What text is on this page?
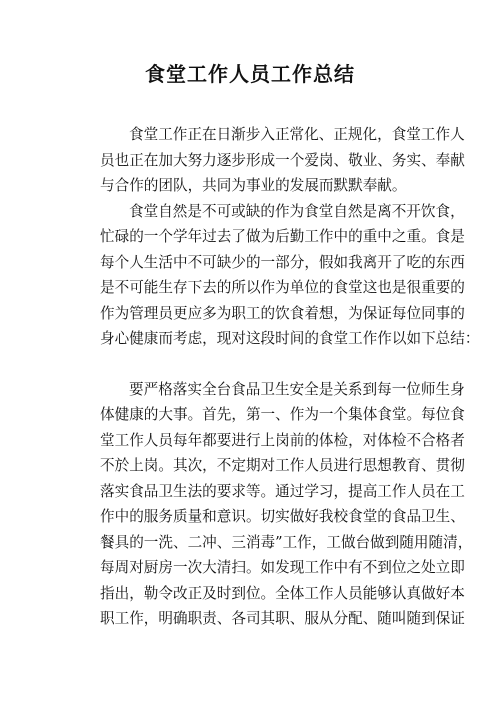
食堂工作人员工作总结
食堂工作正在日渐步入正常化、正规化，食堂工作人
员也正在加大努力逐步形成一个爱岗、敬业、务实、奉献
与合作的团队，共同为事业的发展而默默奉献。
食堂自然是不可或缺的作为食堂自然是离不开饮食，
忙碌的一个学年过去了做为后勤工作中的重中之重。食是
每个人生活中不可缺少的一部分，假如我离开了吃的东西
是不可能生存下去的所以作为单位的食堂这也是很重要的
作为管理员更应多为职工的饮食着想，为保证每位同事的
身心健康而考虑，现对这段时间的食堂工作作以如下总结：
要严格落实全台食品卫生安全是关系到每一位师生身
体健康的大事。首先，第一、作为一个集体食堂。每位食
堂工作人员每年都要进行上岗前的体检，对体检不合格者
不於上岗。其次，不定期对工作人员进行思想教育、贯彻
落实食品卫生法的要求等。通过学习，提高工作人员在工
作中的服务质量和意识。切实做好我校食堂的食品卫生、
餐具的一洗、二冲、三消毒”工作，工做台做到随用随清，
每周对厨房一次大清扫。如发现工作中有不到位之处立即
指出，勒令改正及时到位。全体工作人员能够认真做好本
职工作，明确职责、各司其职、服从分配、随叫随到保证
